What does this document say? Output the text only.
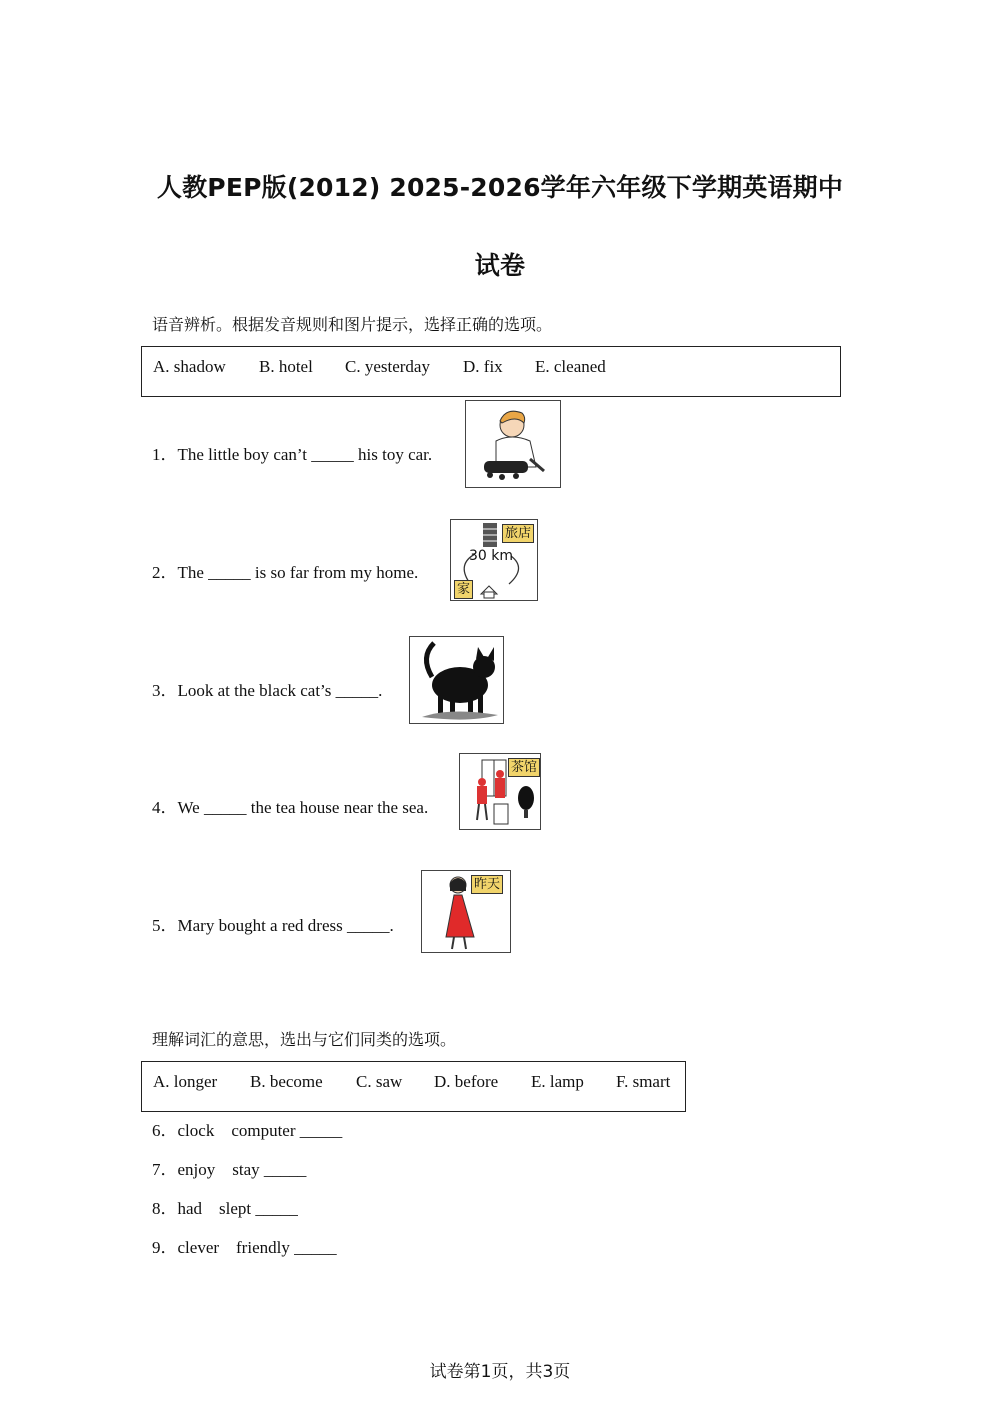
人教PEP版(2012) 2025-2026学年六年级下学期英语期中
试卷
语音辨析。根据发音规则和图片提示，选择正确的选项。
A. shadow B. hotel C. yesterday D. fix E. cleaned
1．The little boy can’t _____ his toy car.
2．The _____ is so far from my home.
3．Look at the black cat’s _____.
4．We _____ the tea house near the sea.
5．Mary bought a red dress _____.
旅店
30 km
家
茶馆
昨天
理解词汇的意思，选出与它们同类的选项。
A. longer B. become C. saw D. before E. lamp F. smart
6．clock　computer _____
7．enjoy　stay _____
8．had　slept _____
9．clever　friendly _____
试卷第1页，共3页
